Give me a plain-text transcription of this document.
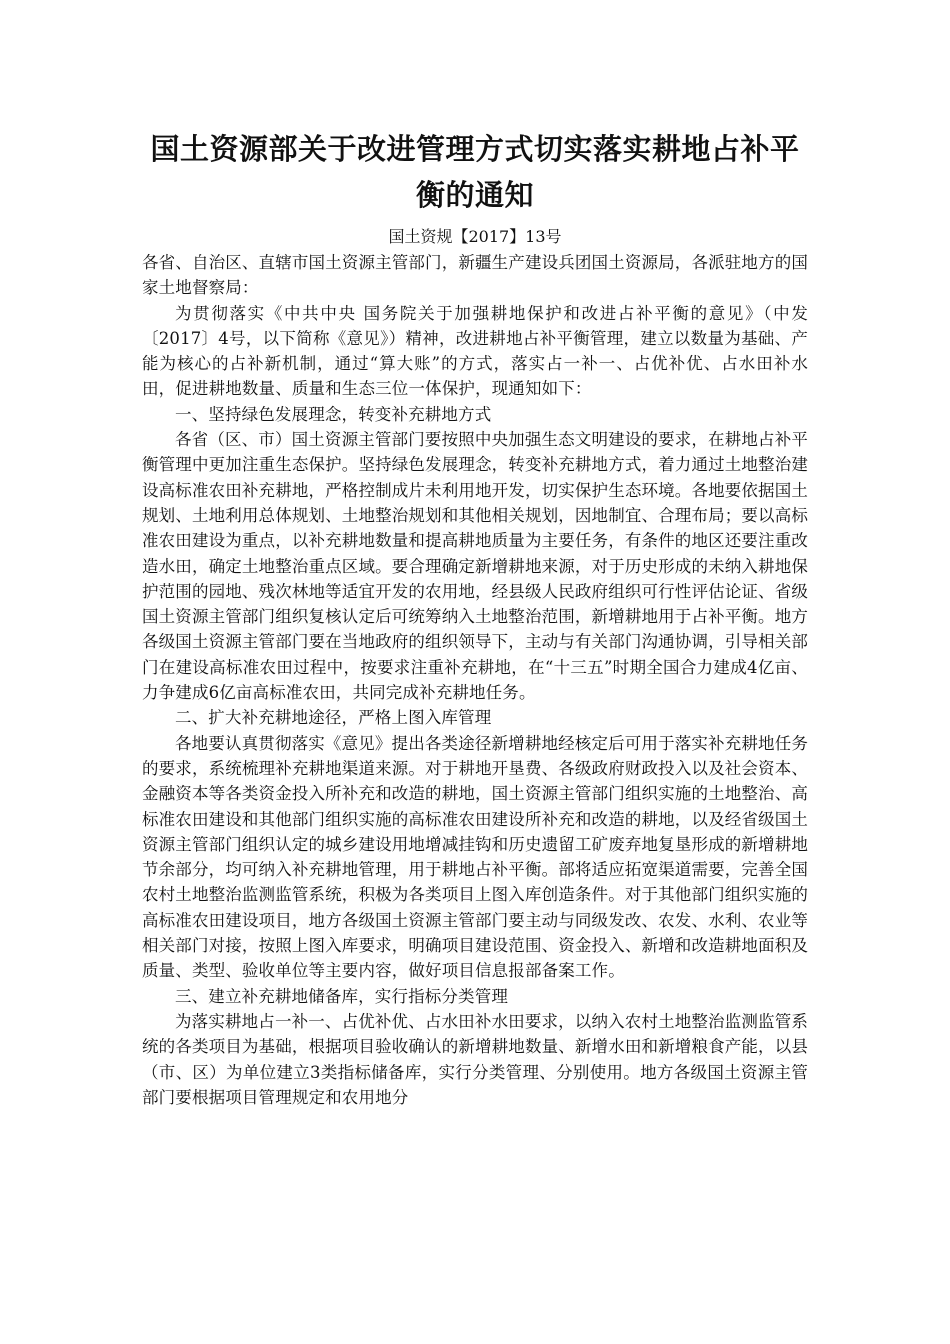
国土资源部关于改进管理方式切实落实耕地占补平衡的通知
国土资规【2017】13号

各省、自治区、直辖市国土资源主管部门，新疆生产建设兵团国土资源局，各派驻地方的国家土地督察局：

为贯彻落实《中共中央 国务院关于加强耕地保护和改进占补平衡的意见》（中发〔2017〕4号，以下简称《意见》）精神，改进耕地占补平衡管理，建立以数量为基础、产能为核心的占补新机制，通过“算大账”的方式，落实占一补一、占优补优、占水田补水田，促进耕地数量、质量和生态三位一体保护，现通知如下：

一、坚持绿色发展理念，转变补充耕地方式

各省（区、市）国土资源主管部门要按照中央加强生态文明建设的要求，在耕地占补平衡管理中更加注重生态保护。坚持绿色发展理念，转变补充耕地方式，着力通过土地整治建设高标准农田补充耕地，严格控制成片未利用地开发，切实保护生态环境。各地要依据国土规划、土地利用总体规划、土地整治规划和其他相关规划，因地制宜、合理布局；要以高标准农田建设为重点，以补充耕地数量和提高耕地质量为主要任务，有条件的地区还要注重改造水田，确定土地整治重点区域。要合理确定新增耕地来源，对于历史形成的未纳入耕地保护范围的园地、残次林地等适宜开发的农用地，经县级人民政府组织可行性评估论证、省级国土资源主管部门组织复核认定后可统筹纳入土地整治范围，新增耕地用于占补平衡。地方各级国土资源主管部门要在当地政府的组织领导下，主动与有关部门沟通协调，引导相关部门在建设高标准农田过程中，按要求注重补充耕地，在“十三五”时期全国合力建成4亿亩、力争建成6亿亩高标准农田，共同完成补充耕地任务。

二、扩大补充耕地途径，严格上图入库管理

各地要认真贯彻落实《意见》提出各类途径新增耕地经核定后可用于落实补充耕地任务的要求，系统梳理补充耕地渠道来源。对于耕地开垦费、各级政府财政投入以及社会资本、金融资本等各类资金投入所补充和改造的耕地，国土资源主管部门组织实施的土地整治、高标准农田建设和其他部门组织实施的高标准农田建设所补充和改造的耕地，以及经省级国土资源主管部门组织认定的城乡建设用地增减挂钩和历史遗留工矿废弃地复垦形成的新增耕地节余部分，均可纳入补充耕地管理，用于耕地占补平衡。部将适应拓宽渠道需要，完善全国农村土地整治监测监管系统，积极为各类项目上图入库创造条件。对于其他部门组织实施的高标准农田建设项目，地方各级国土资源主管部门要主动与同级发改、农发、水利、农业等相关部门对接，按照上图入库要求，明确项目建设范围、资金投入、新增和改造耕地面积及质量、类型、验收单位等主要内容，做好项目信息报部备案工作。

三、建立补充耕地储备库，实行指标分类管理

为落实耕地占一补一、占优补优、占水田补水田要求，以纳入农村土地整治监测监管系统的各类项目为基础，根据项目验收确认的新增耕地数量、新增水田和新增粮食产能，以县（市、区）为单位建立3类指标储备库，实行分类管理、分别使用。地方各级国土资源主管部门要根据项目管理规定和农用地分
